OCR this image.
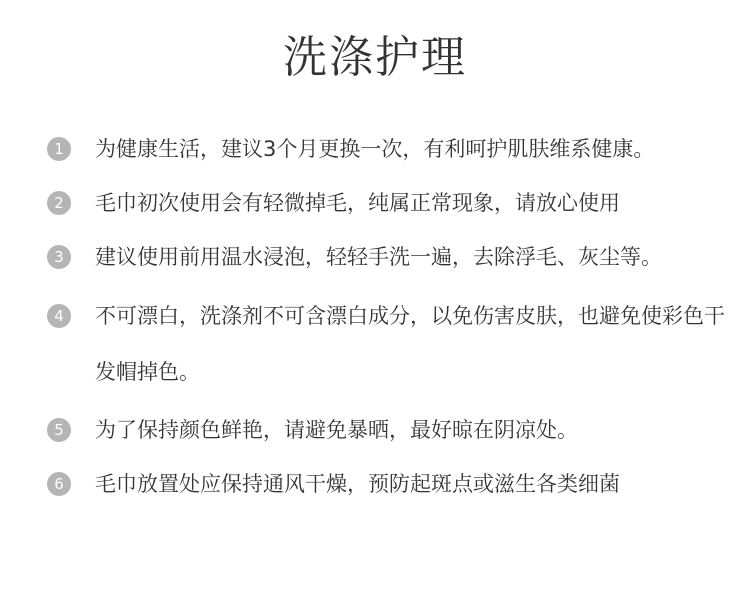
洗涤护理
1	为健康生活，建议3个月更换一次，有利呵护肌肤维系健康。
2	毛巾初次使用会有轻微掉毛，纯属正常现象，请放心使用
3	建议使用前用温水浸泡，轻轻手洗一遍，去除浮毛、灰尘等。
4	不可漂白，洗涤剂不可含漂白成分，以免伤害皮肤，也避免使彩色干发帽掉色。
5	为了保持颜色鲜艳，请避免暴晒，最好晾在阴凉处。
6	毛巾放置处应保持通风干燥，预防起斑点或滋生各类细菌
